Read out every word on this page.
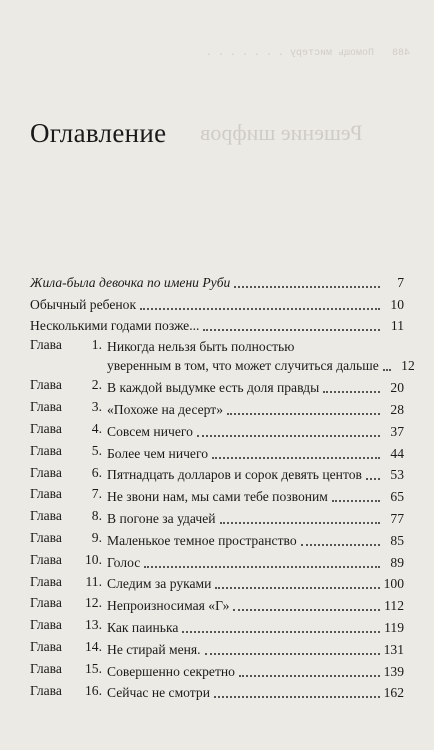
488   Помощь мистеру . . . . . . .
Решение шифров
Оглавление
Жила-была девочка по имени Руби	7
Обычный ребенок	10
Несколькими годами позже...	11
Глава	1. Никогда нельзя быть полностью
уверенным в том, что может случиться дальше	12
Глава	2. В каждой выдумке есть доля правды	20
Глава	3. «Похоже на десерт»	28
Глава	4. Совсем ничего	37
Глава	5. Более чем ничего	44
Глава	6. Пятнадцать долларов и сорок девять центов	53
Глава	7. Не звони нам, мы сами тебе позвоним	65
Глава	8. В погоне за удачей	77
Глава	9. Маленькое темное пространство	85
Глава	10. Голос	89
Глава	11. Следим за руками	100
Глава	12. Непроизносимая «Г»	112
Глава	13. Как паинька	119
Глава	14. Не стирай меня.	131
Глава	15. Совершенно секретно	139
Глава	16. Сейчас не смотри	162
